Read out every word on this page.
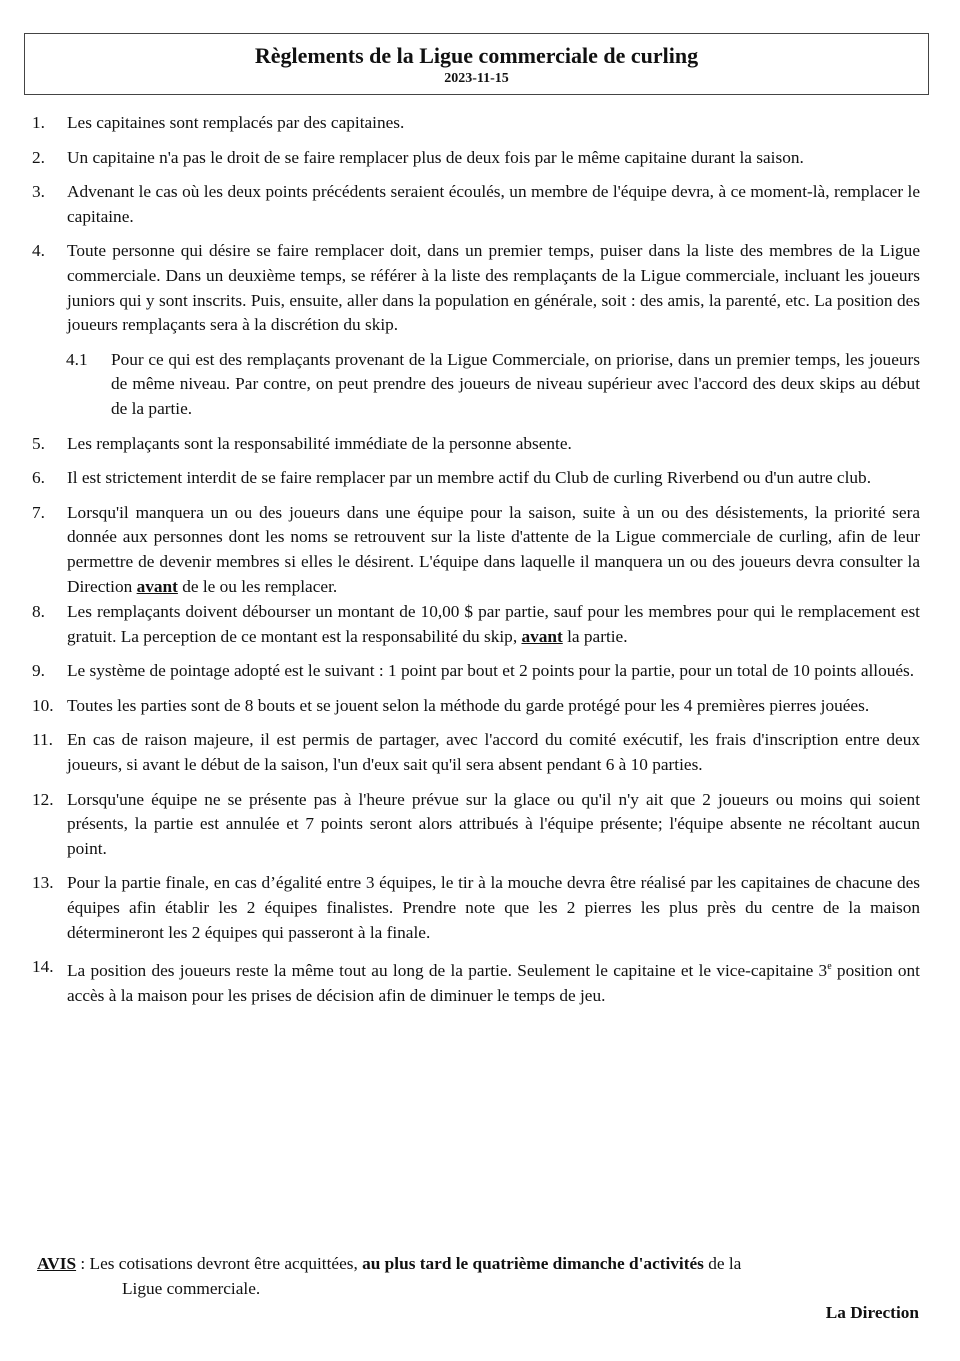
Règlements de la Ligue commerciale de curling
2023-11-15
1.	Les capitaines sont remplacés par des capitaines.
2.	Un capitaine n'a pas le droit de se faire remplacer plus de deux fois par le même capitaine durant la saison.
3.	Advenant le cas où les deux points précédents seraient écoulés, un membre de l'équipe devra, à ce moment-là, remplacer le capitaine.
4.	Toute personne qui désire se faire remplacer doit, dans un premier temps, puiser dans la liste des membres de la Ligue commerciale. Dans un deuxième temps, se référer à la liste des remplaçants de la Ligue commerciale, incluant les joueurs juniors qui y sont inscrits. Puis, ensuite, aller dans la population en générale, soit : des amis, la parenté, etc. La position des joueurs remplaçants sera à la discrétion du skip.
4.1	Pour ce qui est des remplaçants provenant de la Ligue Commerciale, on priorise, dans un premier temps, les joueurs de même niveau. Par contre, on peut prendre des joueurs de niveau supérieur avec l'accord des deux skips au début de la partie.
5.	Les remplaçants sont la responsabilité immédiate de la personne absente.
6.	Il est strictement interdit de se faire remplacer par un membre actif du Club de curling Riverbend ou d'un autre club.
7.	Lorsqu'il manquera un ou des joueurs dans une équipe pour la saison, suite à un ou des désistements, la priorité sera donnée aux personnes dont les noms se retrouvent sur la liste d'attente de la Ligue commerciale de curling, afin de leur permettre de devenir membres si elles le désirent. L'équipe dans laquelle il manquera un ou des joueurs devra consulter la Direction avant de le ou les remplacer.
8.	Les remplaçants doivent débourser un montant de 10,00 $ par partie, sauf pour les membres pour qui le remplacement est gratuit. La perception de ce montant est la responsabilité du skip, avant la partie.
9.	Le système de pointage adopté est le suivant : 1 point par bout et 2 points pour la partie, pour un total de 10 points alloués.
10. Toutes les parties sont de 8 bouts et se jouent selon la méthode du garde protégé pour les 4 premières pierres jouées.
11. En cas de raison majeure, il est permis de partager, avec l'accord du comité exécutif, les frais d'inscription entre deux joueurs, si avant le début de la saison, l'un d'eux sait qu'il sera absent pendant 6 à 10 parties.
12. Lorsqu'une équipe ne se présente pas à l'heure prévue sur la glace ou qu'il n'y ait que 2 joueurs ou moins qui soient présents, la partie est annulée et 7 points seront alors attribués à l'équipe présente; l'équipe absente ne récoltant aucun point.
13. Pour la partie finale, en cas d’égalité entre 3 équipes, le tir à la mouche devra être réalisé par les capitaines de chacune des équipes afin établir les 2 équipes finalistes. Prendre note que les 2 pierres les plus près du centre de la maison détermineront les 2 équipes qui passeront à la finale.
14. La position des joueurs reste la même tout au long de la partie. Seulement le capitaine et le vice-capitaine 3e position ont accès à la maison pour les prises de décision afin de diminuer le temps de jeu.
AVIS : Les cotisations devront être acquittées, au plus tard le quatrième dimanche d'activités de la
Ligue commerciale.
La Direction
